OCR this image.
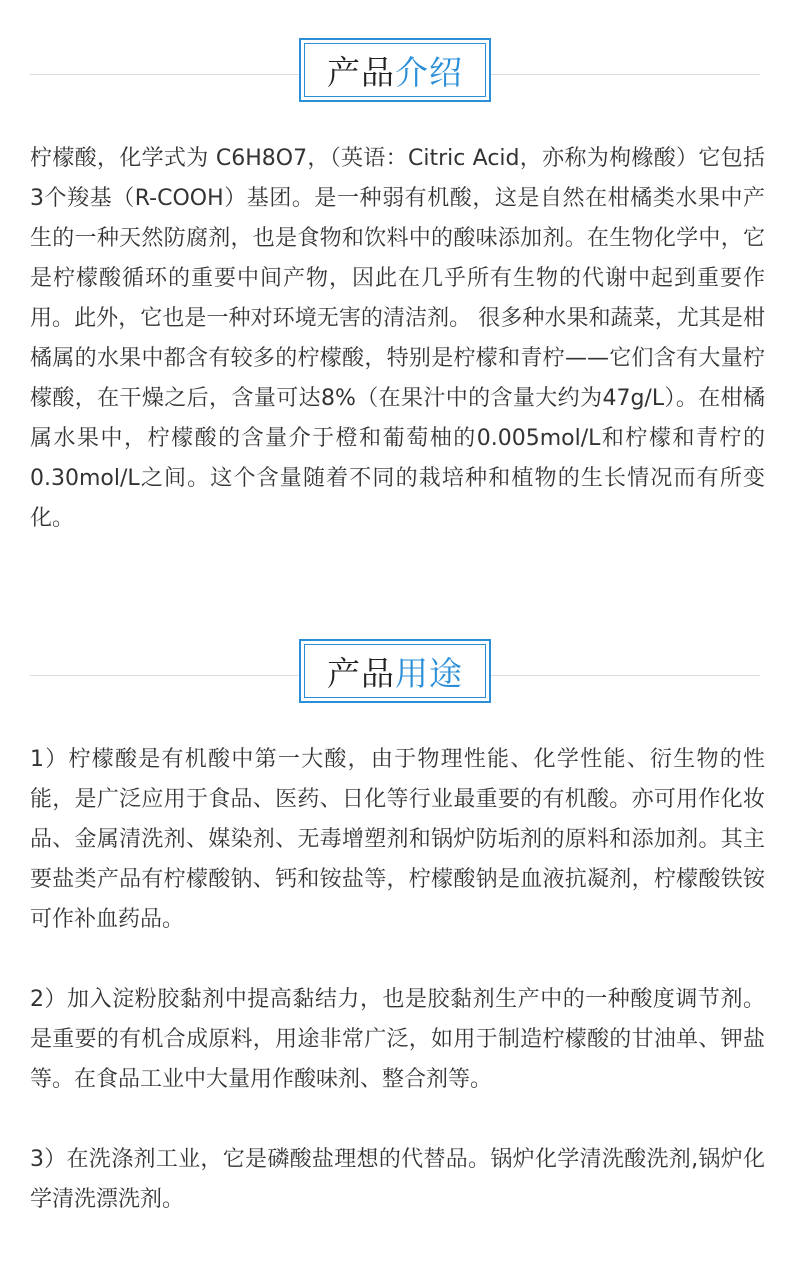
产品 介绍

柠檬酸，化学式为 C6H8O7，（英语：Citric Acid，亦称为枸橼酸）它包括3个羧基（R-COOH）基团。是一种弱有机酸，这是自然在柑橘类水果中产生的一种天然防腐剂，也是食物和饮料中的酸味添加剂。在生物化学中，它是柠檬酸循环的重要中间产物，因此在几乎所有生物的代谢中起到重要作用。此外，它也是一种对环境无害的清洁剂。 很多种水果和蔬菜，尤其是柑橘属的水果中都含有较多的柠檬酸，特别是柠檬和青柠——它们含有大量柠檬酸，在干燥之后，含量可达8%（在果汁中的含量大约为47g/L）。在柑橘属水果中，柠檬酸的含量介于橙和葡萄柚的0.005mol/L和柠檬和青柠的0.30mol/L之间。这个含量随着不同的栽培种和植物的生长情况而有所变化。

产品 用途

1）柠檬酸是有机酸中第一大酸，由于物理性能、化学性能、衍生物的性能，是广泛应用于食品、医药、日化等行业最重要的有机酸。亦可用作化妆品、金属清洗剂、媒染剂、无毒增塑剂和锅炉防垢剂的原料和添加剂。其主要盐类产品有柠檬酸钠、钙和铵盐等，柠檬酸钠是血液抗凝剂，柠檬酸铁铵可作补血药品。

2）加入淀粉胶黏剂中提高黏结力，也是胶黏剂生产中的一种酸度调节剂。是重要的有机合成原料，用途非常广泛，如用于制造柠檬酸的甘油单、钾盐等。在食品工业中大量用作酸味剂、整合剂等。

3）在洗涤剂工业，它是磷酸盐理想的代替品。锅炉化学清洗酸洗剂,锅炉化学清洗漂洗剂。
